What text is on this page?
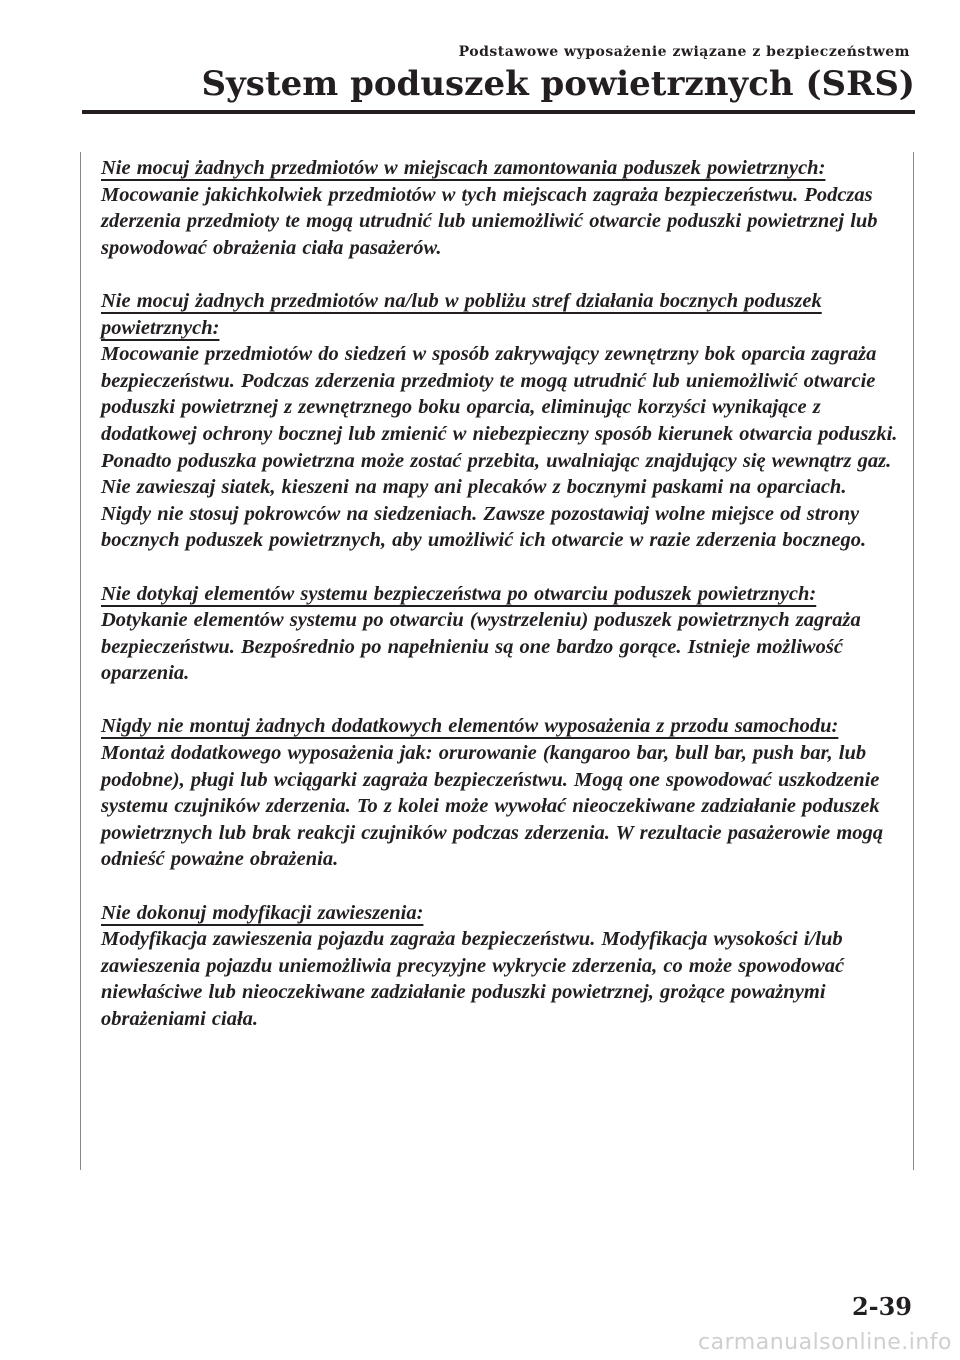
Podstawowe wyposażenie związane z bezpieczeństwem
System poduszek powietrznych (SRS)
Nie mocuj żadnych przedmiotów w miejscach zamontowania poduszek powietrznych:

Mocowanie jakichkolwiek przedmiotów w tych miejscach zagraża bezpieczeństwu. Podczas zderzenia przedmioty te mogą utrudnić lub uniemożliwić otwarcie poduszki powietrznej lub spowodować obrażenia ciała pasażerów.

Nie mocuj żadnych przedmiotów na/lub w pobliżu stref działania bocznych poduszek powietrznych:

Mocowanie przedmiotów do siedzeń w sposób zakrywający zewnętrzny bok oparcia zagraża bezpieczeństwu. Podczas zderzenia przedmioty te mogą utrudnić lub uniemożliwić otwarcie poduszki powietrznej z zewnętrznego boku oparcia, eliminując korzyści wynikające z dodatkowej ochrony bocznej lub zmienić w niebezpieczny sposób kierunek otwarcia poduszki. Ponadto poduszka powietrzna może zostać przebita, uwalniając znajdujący się wewnątrz gaz. Nie zawieszaj siatek, kieszeni na mapy ani plecaków z bocznymi paskami na oparciach. Nigdy nie stosuj pokrowców na siedzeniach. Zawsze pozostawiaj wolne miejsce od strony bocznych poduszek powietrznych, aby umożliwić ich otwarcie w razie zderzenia bocznego.

Nie dotykaj elementów systemu bezpieczeństwa po otwarciu poduszek powietrznych:

Dotykanie elementów systemu po otwarciu (wystrzeleniu) poduszek powietrznych zagraża bezpieczeństwu. Bezpośrednio po napełnieniu są one bardzo gorące. Istnieje możliwość oparzenia.

Nigdy nie montuj żadnych dodatkowych elementów wyposażenia z przodu samochodu:

Montaż dodatkowego wyposażenia jak: orurowanie (kangaroo bar, bull bar, push bar, lub podobne), pługi lub wciągarki zagraża bezpieczeństwu. Mogą one spowodować uszkodzenie systemu czujników zderzenia. To z kolei może wywołać nieoczekiwane zadziałanie poduszek powietrznych lub brak reakcji czujników podczas zderzenia. W rezultacie pasażerowie mogą odnieść poważne obrażenia.

Nie dokonuj modyfikacji zawieszenia:

Modyfikacja zawieszenia pojazdu zagraża bezpieczeństwu. Modyfikacja wysokości i/lub zawieszenia pojazdu uniemożliwia precyzyjne wykrycie zderzenia, co może spowodować niewłaściwe lub nieoczekiwane zadziałanie poduszki powietrznej, grożące poważnymi obrażeniami ciała.

2-39
carmanualsonline.info
